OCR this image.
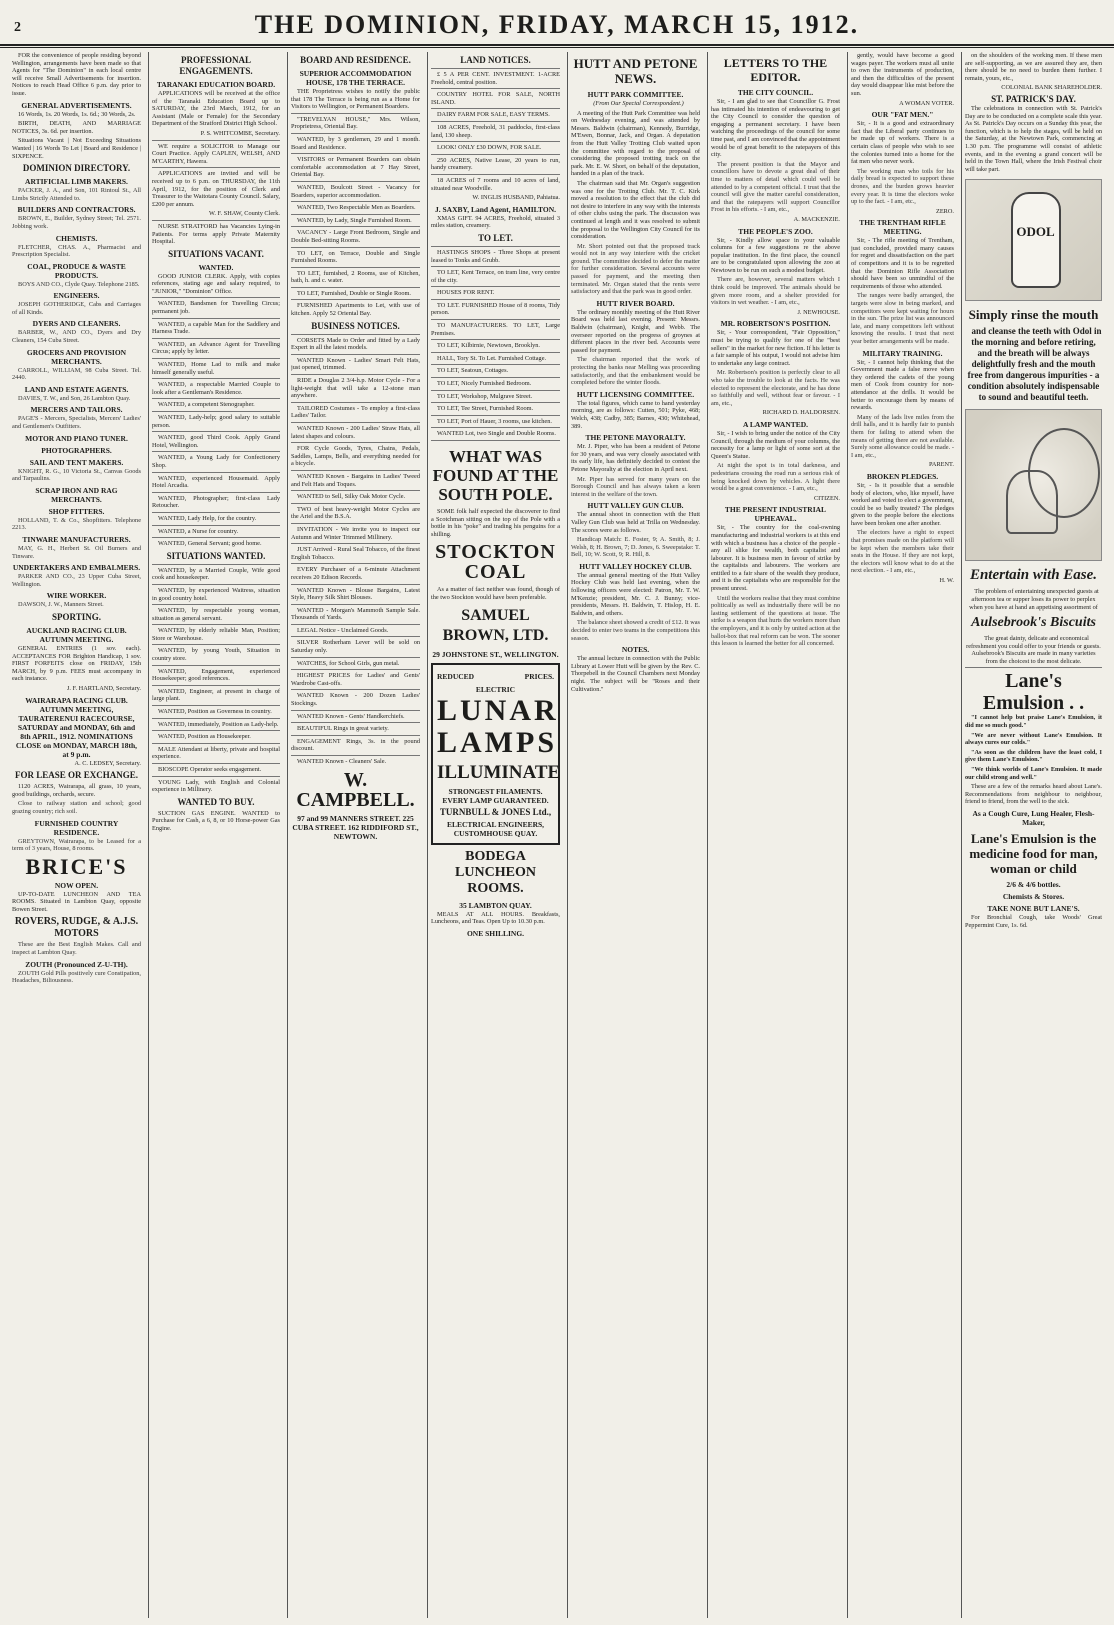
2	THE DOMINION, FRIDAY, MARCH 15, 1912.
FOR the convenience of people residing beyond Wellington, arrangements have been made so that Agents for "The Dominion" in each local centre will receive Small Advertisements for insertion. Notices to reach Head Office 6 p.m. day prior to issue.
GENERAL ADVERTISEMENTS.
16 Words, 1s. 20 Words, 1s. 6d.; 30 Words, 2s.
BIRTH, DEATH, AND MARRIAGE NOTICES, 3s. 6d. per insertion.
Situations Vacant | Not Exceeding Situations Wanted | 16 Words To Let | Board and Residence | SIXPENCE.
DOMINION DIRECTORY.
ARTIFICIAL LIMB MAKERS.
PACKER, J. A., and Son, 101 Rintoul St., All Limbs Strictly Attended to.
BUILDERS AND CONTRACTORS.
BROWN, E., Builder, Sydney Street; Tel. 2571. Jobbing work.
CHEMISTS.
FLETCHER, CHAS. A., Pharmacist and Prescription Specialist.
COAL, PRODUCE & WASTE PRODUCTS.
BOYS AND CO., Clyde Quay. Telephone 2185.
ENGINEERS.
JOSEPH GOTHERIDGE, Cabs and Carriages of all Kinds.
DYERS AND CLEANERS.
BARBER, W., AND CO., Dyers and Dry Cleaners, 154 Cuba Street.
GROCERS AND PROVISION MERCHANTS.
CARROLL, WILLIAM, 98 Cuba Street. Tel. 2440.
LAND AND ESTATE AGENTS.
DAVIES, T. W., and Son, 26 Lambton Quay.
MERCERS AND TAILORS.
PAGE'S - Mercers, Specialists, Mercers' Ladies' and Gentlemen's Outfitters.
MOTOR AND PIANO TUNER.
PHOTOGRAPHERS.
SAIL AND TENT MAKERS.
KNIGHT, R. G., 10 Victoria St., Canvas Goods and Tarpaulins.
SCRAP IRON AND RAG MERCHANTS.
SHOP FITTERS.
HOLLAND, T. & Co., Shopfitters. Telephone 2213.
TINWARE MANUFACTURERS.
MAY, G. H., Herbert St. Oil Burners and Tinware.
UNDERTAKERS AND EMBALMERS.
PARKER AND CO., 23 Upper Cuba Street, Wellington.
WIRE WORKER.
DAWSON, J. W., Manners Street.
SPORTING.
AUCKLAND RACING CLUB. AUTUMN MEETING.
GENERAL ENTRIES (1 sov. each). ACCEPTANCES FOR Brighton Handicap, 1 sov. FIRST FORFEITS close on FRIDAY, 15th MARCH, by 9 p.m. FEES must accompany in each instance.
J. F. HARTLAND, Secretary.
WAIRARAPA RACING CLUB. AUTUMN MEETING, TAURATERENUI RACECOURSE, SATURDAY and MONDAY, 6th and 8th APRIL, 1912. NOMINATIONS CLOSE on MONDAY, MARCH 18th, at 9 p.m.
A. C. LEDSEY, Secretary.
FOR LEASE OR EXCHANGE.
1120 ACRES, Wairarapa, all grass, 10 years, good buildings, orchards, secure.
Close to railway station and school; good grazing country; rich soil.
FURNISHED COUNTRY RESIDENCE.
GREYTOWN, Wairarapa, to be Leased for a term of 3 years, House, 8 rooms.
BRICE'S
NOW OPEN.
UP-TO-DATE LUNCHEON AND TEA ROOMS. Situated in Lambton Quay, opposite Bowen Street.
ROVERS, RUDGE, & A.J.S. MOTORS
These are the Best English Makes. Call and inspect at Lambton Quay.
ZOUTH (Pronounced Z-U-TH).
ZOUTH Gold Pills positively cure Constipation, Headaches, Biliousness.
PROFESSIONAL ENGAGEMENTS.
TARANAKI EDUCATION BOARD.
APPLICATIONS will be received at the office of the Taranaki Education Board up to SATURDAY, the 23rd March, 1912, for an Assistant (Male or Female) for the Secondary Department of the Stratford District High School.
P. S. WHITCOMBE, Secretary.
WE require a SOLICITOR to Manage our Court Practice. Apply CAPLEN, WELSH, AND M'CARTHY, Hawera.
APPLICATIONS are invited and will be received up to 6 p.m. on THURSDAY, the 11th April, 1912, for the position of Clerk and Treasurer to the Waitotara County Council. Salary, £200 per annum.
W. F. SHAW, County Clerk.
NURSE STRATFORD has Vacancies Lying-in Patients. For terms apply Private Maternity Hospital.
SITUATIONS VACANT.
WANTED.
GOOD JUNIOR CLERK. Apply, with copies references, stating age and salary required, to "JUNIOR," "Dominion" Office.
WANTED, Bandsmen for Travelling Circus; permanent job.
WANTED, a capable Man for the Saddlery and Harness Trade.
WANTED, an Advance Agent for Travelling Circus; apply by letter.
WANTED, Home Lad to milk and make himself generally useful.
WANTED, a respectable Married Couple to look after a Gentleman's Residence.
WANTED, a competent Stenographer.
WANTED, Lady-help; good salary to suitable person.
WANTED, good Third Cook. Apply Grand Hotel, Wellington.
WANTED, a Young Lady for Confectionery Shop.
WANTED, experienced Housemaid. Apply Hotel Arcadia.
WANTED, Photographer; first-class Lady Retoucher.
WANTED, Lady Help, for the country.
WANTED, a Nurse for country.
WANTED, General Servant; good home.
SITUATIONS WANTED.
WANTED, by a Married Couple, Wife good cook and housekeeper.
WANTED, by experienced Waitress, situation in good country hotel.
WANTED, by respectable young woman, situation as general servant.
WANTED, by elderly reliable Man, Position; Store or Warehouse.
WANTED, by young Youth, Situation in country store.
WANTED, Engagement, experienced Housekeeper; good references.
WANTED, Engineer, at present in charge of large plant.
WANTED, Position as Governess in country.
WANTED, immediately, Position as Lady-help.
WANTED, Position as Housekeeper.
MALE Attendant at liberty, private and hospital experience.
BIOSCOPE Operator seeks engagement.
YOUNG Lady, with English and Colonial experience in Millinery.
WANTED TO BUY.
SUCTION GAS ENGINE. WANTED to Purchase for Cash, a 6, 8, or 10 Horse-power Gas Engine.
BOARD AND RESIDENCE.
SUPERIOR ACCOMMODATION HOUSE, 178 THE TERRACE.
THE Proprietress wishes to notify the public that 178 The Terrace is being run as a Home for Visitors to Wellington, or Permanent Boarders.
"TREVELYAN HOUSE," Mrs. Wilson, Proprietress, Oriental Bay.
WANTED, by 3 gentlemen, 29 and 1 month. Board and Residence.
VISITORS or Permanent Boarders can obtain comfortable accommodation at 7 Hay Street, Oriental Bay.
WANTED, Boulcott Street - Vacancy for Boarders, superior accommodation.
WANTED, Two Respectable Men as Boarders.
WANTED, by Lady, Single Furnished Room.
VACANCY - Large Front Bedroom, Single and Double Bed-sitting Rooms.
TO LET, on Terrace, Double and Single Furnished Rooms.
TO LET, furnished, 2 Rooms, use of Kitchen, bath, h. and c. water.
TO LET, Furnished, Double or Single Room.
FURNISHED Apartments to Let, with use of kitchen. Apply 52 Oriental Bay.
BUSINESS NOTICES.
CORSETS Made to Order and fitted by a Lady Expert in all the latest models.
WANTED Known - Ladies' Smart Felt Hats, just opened, trimmed.
RIDE a Douglas 2 3/4-h.p. Motor Cycle - For a light-weight that will take a 12-stone man anywhere.
TAILORED Costumes - To employ a first-class Ladies' Tailor.
WANTED Known - 200 Ladies' Straw Hats, all latest shapes and colours.
FOR Cycle Goods, Tyres, Chains, Pedals, Saddles, Lamps, Bells, and everything needed for a bicycle.
WANTED Known - Bargains in Ladies' Tweed and Felt Hats and Toques.
WANTED to Sell, Silky Oak Motor Cycle.
TWO of best heavy-weight Motor Cycles are the Ariel and the B.S.A.
INVITATION - We invite you to inspect our Autumn and Winter Trimmed Millinery.
JUST Arrived - Rural Seal Tobacco, of the finest English Tobacco.
EVERY Purchaser of a 6-minute Attachment receives 20 Edison Records.
WANTED Known - Blouse Bargains, Latest Style, Heavy Silk Shirt Blouses.
WANTED - Morgan's Mammoth Sample Sale. Thousands of Yards.
LEGAL Notice - Unclaimed Goods.
SILVER Rotherham Lever will be sold on Saturday only.
WATCHES, for School Girls, gun metal.
HIGHEST PRICES for Ladies' and Gents' Wardrobe Cast-offs.
WANTED Known - 200 Dozen Ladies' Stockings.
WANTED Known - Gents' Handkerchiefs.
BEAUTIFUL Rings in great variety.
ENGAGEMENT Rings, 3s. in the pound discount.
WANTED Known - Cleaners' Sale.
W. CAMPBELL.
97 and 99 MANNERS STREET. 225 CUBA STREET. 162 RIDDIFORD ST., NEWTOWN.
LAND NOTICES.
£ 5 A PER CENT. INVESTMENT. 1-ACRE Freehold, central position.
COUNTRY HOTEL FOR SALE, NORTH ISLAND.
DAIRY FARM FOR SALE, EASY TERMS.
108 ACRES, Freehold, 31 paddocks, first-class land, 130 sheep.
LOOK! ONLY £30 DOWN, FOR SALE.
250 ACRES, Native Lease, 20 years to run, handy creamery.
18 ACRES of 7 rooms and 10 acres of land, situated near Woodville.
W. INGLIS HUSBAND, Pahiatua.
J. SAXBY, Land Agent, HAMILTON.
XMAS GIFT. 94 ACRES, Freehold, situated 3 miles station, creamery.
TO LET.
HASTINGS SHOPS - Three Shops at present leased to Tonks and Grubb.
TO LET, Kent Terrace, on tram line, very centre of the city.
HOUSES FOR RENT.
TO LET. FURNISHED House of 8 rooms, Tidy person.
TO MANUFACTURERS. TO LET, Large Premises.
TO LET, Kilbirnie, Newtown, Brooklyn.
HALL, Tory St. To Let. Furnished Cottage.
TO LET, Seatoun, Cottages.
TO LET, Nicely Furnished Bedroom.
TO LET, Workshop, Mulgrave Street.
TO LET, Tee Street, Furnished Room.
TO LET, Port of Hauer, 3 rooms, use kitchen.
WANTED Lot, two Single and Double Rooms.
WHAT WAS FOUND AT THE SOUTH POLE.
SOME folk half expected the discoverer to find a Scotchman sitting on the top of the Pole with a bottle in his "poke" and trading his penguins for a shilling.
STOCKTON COAL
As a matter of fact neither was found, though of the two Stockton would have been preferable.
SAMUEL BROWN, LTD.
29 JOHNSTONE ST., WELLINGTON.
REDUCED	PRICES.
ELECTRIC
LUNAR
LAMPS
ILLUMINATE
STRONGEST FILAMENTS. EVERY LAMP GUARANTEED.
TURNBULL & JONES Ltd.,
ELECTRICAL ENGINEERS, CUSTOMHOUSE QUAY.
BODEGA LUNCHEON ROOMS.
35 LAMBTON QUAY.
MEALS AT ALL HOURS. Breakfasts, Luncheons, and Teas. Open Up to 10.30 p.m.
ONE SHILLING.
HUTT AND PETONE NEWS.
HUTT PARK COMMITTEE.
(From Our Special Correspondent.)
A meeting of the Hutt Park Committee was held on Wednesday evening, and was attended by Messrs. Baldwin (chairman), Kennedy, Burridge, M'Ewen, Bonnar, Jack, and Organ. A deputation from the Hutt Valley Trotting Club waited upon the committee with regard to the proposal of considering the proposed trotting track on the park. Mr. E. W. Short, on behalf of the deputation, handed in a plan of the track.
The chairman said that Mr. Organ's suggestion was one for the Trotting Club. Mr. T. C. Kirk moved a resolution to the effect that the club did not desire to interfere in any way with the interests of other clubs using the park. The discussion was continued at length and it was resolved to submit the proposal to the Wellington City Council for its consideration.
Mr. Short pointed out that the proposed track would not in any way interfere with the cricket ground. The committee decided to defer the matter for further consideration. Several accounts were passed for payment, and the meeting then terminated. Mr. Organ stated that the rents were satisfactory and that the park was in good order.
HUTT RIVER BOARD.
The ordinary monthly meeting of the Hutt River Board was held last evening. Present: Messrs. Baldwin (chairman), Knight, and Webb. The overseer reported on the progress of groynes at different places in the river bed. Accounts were passed for payment.
The chairman reported that the work of protecting the banks near Melling was proceeding satisfactorily, and that the embankment would be completed before the winter floods.
HUTT LICENSING COMMITTEE.
The total figures, which came to hand yesterday morning, are as follows: Cutten, 501; Pyke, 468; Welch, 438; Cadby, 385; Barnes, 430; Whitehead, 389.
THE PETONE MAYORALTY.
Mr. J. Piper, who has been a resident of Petone for 30 years, and was very closely associated with its early life, has definitely decided to contest the Petone Mayoralty at the election in April next.
Mr. Piper has served for many years on the Borough Council and has always taken a keen interest in the welfare of the town.
HUTT VALLEY GUN CLUB.
The annual shoot in connection with the Hutt Valley Gun Club was held at Trilla on Wednesday. The scores were as follows.
Handicap Match: E. Foster, 9; A. Smith, 8; J. Welsh, 8; H. Brown, 7; D. Jones, 6. Sweepstake: T. Bell, 10; W. Scott, 9; R. Hill, 8.
HUTT VALLEY HOCKEY CLUB.
The annual general meeting of the Hutt Valley Hockey Club was held last evening, when the following officers were elected: Patron, Mr. T. W. M'Kenzie; president, Mr. C. J. Bunny; vice-presidents, Messrs. H. Baldwin, T. Hislop, H. E. Baldwin, and others.
The balance sheet showed a credit of £12. It was decided to enter two teams in the competitions this season.
NOTES.
The annual lecture in connection with the Public Library at Lower Hutt will be given by the Rev. C. Thorpebell in the Council Chambers next Monday night. The subject will be "Roses and their Cultivation."
LETTERS TO THE EDITOR.
THE CITY COUNCIL.
Sir, - I am glad to see that Councillor G. Frost has intimated his intention of endeavouring to get the City Council to consider the question of engaging a permanent secretary. I have been watching the proceedings of the council for some time past, and I am convinced that the appointment would be of great benefit to the ratepayers of this city.
The present position is that the Mayor and councillors have to devote a great deal of their time to matters of detail which could well be attended to by a competent official. I trust that the council will give the matter careful consideration, and that the ratepayers will support Councillor Frost in his efforts. - I am, etc.,
A. MACKENZIE.
THE PEOPLE'S ZOO.
Sir, - Kindly allow space in your valuable columns for a few suggestions re the above popular institution. In the first place, the council are to be congratulated upon allowing the zoo at Newtown to be run on such a modest budget.
There are, however, several matters which I think could be improved. The animals should be given more room, and a shelter provided for visitors in wet weather. - I am, etc.,
J. NEWHOUSE.
MR. ROBERTSON'S POSITION.
Sir, - Your correspondent, "Fair Opposition," must be trying to qualify for one of the "best sellers" in the market for new fiction. If his letter is a fair sample of his output, I would not advise him to undertake any large contract.
Mr. Robertson's position is perfectly clear to all who take the trouble to look at the facts. He was elected to represent the electorate, and he has done so faithfully and well, without fear or favour. - I am, etc.,
RICHARD D. HALDORSEN.
A LAMP WANTED.
Sir, - I wish to bring under the notice of the City Council, through the medium of your columns, the necessity for a lamp or light of some sort at the Queen's Statue.
At night the spot is in total darkness, and pedestrians crossing the road run a serious risk of being knocked down by vehicles. A light there would be a great convenience. - I am, etc.,
CITIZEN.
THE PRESENT INDUSTRIAL UPHEAVAL.
Sir, - The country for the coal-owning manufacturing and industrial workers is at this end with which a business has a choice of the people - any all slike for wealth, both capitalist and labourer. It is business men in favour of strike by the capitalists and labourers. The workers are entitled to a fair share of the wealth they produce, and it is the capitalists who are responsible for the present unrest.
Until the workers realise that they must combine politically as well as industrially there will be no lasting settlement of the questions at issue. The strike is a weapon that hurts the workers more than the employers, and it is only by united action at the ballot-box that real reform can be won. The sooner this lesson is learned the better for all concerned.
gently, would have become a good wages payer. The workers must all unite to own the instruments of production, and then the difficulties of the present day would disappear like mist before the sun.
A WOMAN VOTER.
OUR "FAT MEN."
Sir, - It is a good and extraordinary fact that the Liberal party continues to be made up of workers. There is a certain class of people who wish to see the colonies turned into a home for the fat men who never work.
The working man who toils for his daily bread is expected to support these drones, and the burden grows heavier every year. It is time the electors woke up to the fact. - I am, etc.,
ZERO.
THE TRENTHAM RIFLE MEETING.
Sir, - The rifle meeting of Trentham, just concluded, provided many causes for regret and dissatisfaction on the part of competitors and it is to be regretted that the Dominion Rifle Association should have been so unmindful of the requirements of those who attended.
The ranges were badly arranged, the targets were slow in being marked, and competitors were kept waiting for hours in the sun. The prize list was announced late, and many competitors left without knowing the results. I trust that next year better arrangements will be made.
MILITARY TRAINING.
Sir, - I cannot help thinking that the Government made a false move when they ordered the cadets of the young men of Cook from country for non-attendance at the drills. It would be better to encourage them by means of rewards.
Many of the lads live miles from the drill halls, and it is hardly fair to punish them for failing to attend when the means of getting there are not available. Surely some allowance could be made. - I am, etc.,
PARENT.
BROKEN PLEDGES.
Sir, - Is it possible that a sensible body of electors, who, like myself, have worked and voted to elect a government, could be so badly treated? The pledges given to the people before the elections have been broken one after another.
The electors have a right to expect that promises made on the platform will be kept when the members take their seats in the House. If they are not kept, the electors will know what to do at the next election. - I am, etc.,
H. W.
on the shoulders of the working men. If these men are self-supporting, as we are assured they are, then there should be no need to burden them further. I remain, yours, etc.,
COLONIAL BANK SHAREHOLDER.
ST. PATRICK'S DAY.
The celebrations in connection with St. Patrick's Day are to be conducted on a complete scale this year. As St. Patrick's Day occurs on a Sunday this year, the function, which is to help the stages, will be held on the Saturday, at the Newtown Park, commencing at 1.30 p.m. The programme will consist of athletic events, and in the evening a grand concert will be held in the Town Hall, where the Irish Festival choir will take part.
ODOL
Simply rinse the mouth
and cleanse the teeth with Odol in the morning and before retiring, and the breath will be always delightfully fresh and the mouth free from dangerous impurities - a condition absolutely indispensable to sound and beautiful teeth.
Entertain with Ease.
The problem of entertaining unexpected guests at afternoon tea or supper loses its power to perplex when you have at hand an appetising assortment of
Aulsebrook's Biscuits
The great dainty, delicate and economical refreshment you could offer to your friends or guests. Aulsebrook's Biscuits are made in many varieties from the choicest to the most delicate.
Lane's
Emulsion . .
"I cannot help but praise Lane's Emulsion, it did me so much good."
"We are never without Lane's Emulsion. It always cures our colds."
"As soon as the children have the least cold, I give them Lane's Emulsion."
"We think worlds of Lane's Emulsion. It made our child strong and well."
These are a few of the remarks heard about Lane's. Recommendations from neighbour to neighbour, friend to friend, from the well to the sick.
As a Cough Cure, Lung Healer, Flesh-Maker,
Lane's Emulsion is the medicine food for man, woman or child
2/6 & 4/6 bottles.
Chemists & Stores.
TAKE NONE BUT LANE'S.
For Bronchial Cough, take Woods' Great Peppermint Cure, 1s. 6d.
